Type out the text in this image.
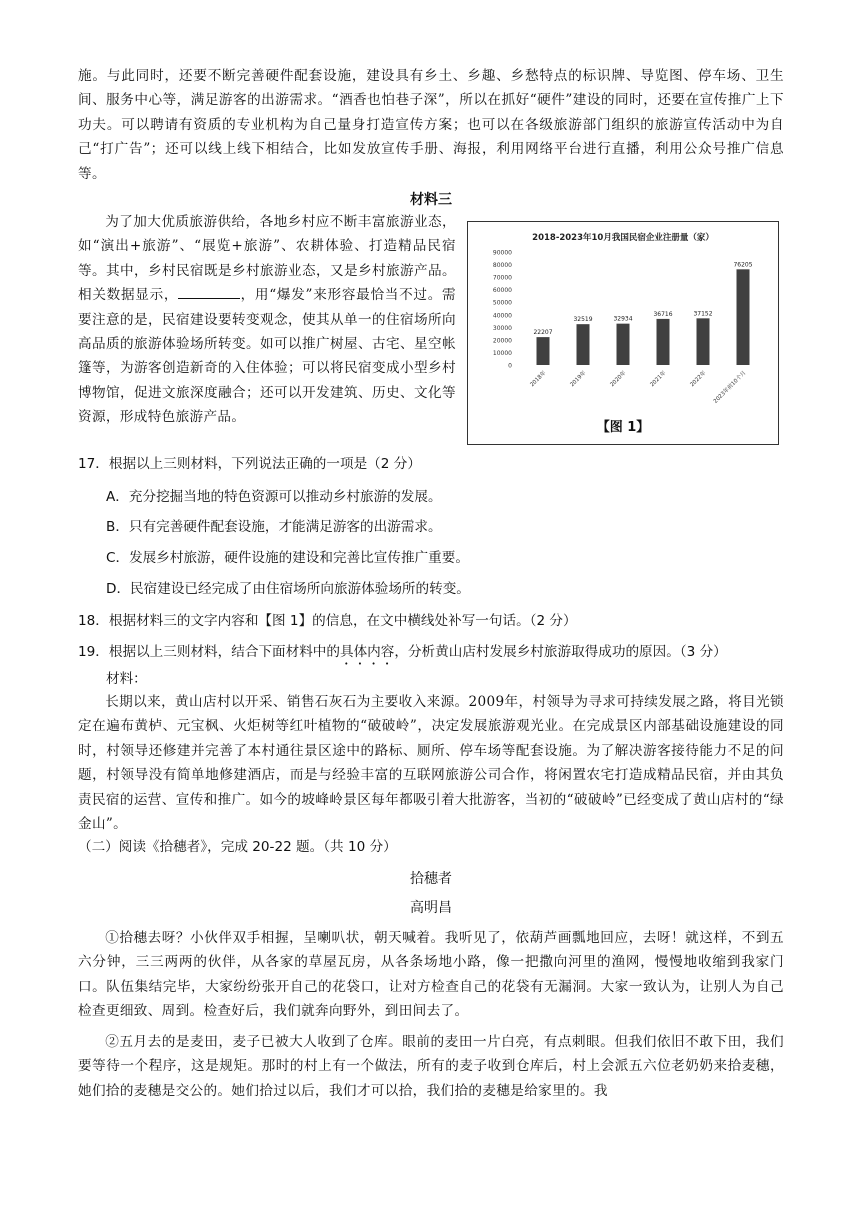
施。与此同时，还要不断完善硬件配套设施，建设具有乡土、乡趣、乡愁特点的标识牌、导览图、停车场、卫生间、服务中心等，满足游客的出游需求。“酒香也怕巷子深”，所以在抓好“硬件”建设的同时，还要在宣传推广上下功夫。可以聘请有资质的专业机构为自己量身打造宣传方案；也可以在各级旅游部门组织的旅游宣传活动中为自己“打广告”；还可以线上线下相结合，比如发放宣传手册、海报，利用网络平台进行直播，利用公众号推广信息等。

材料三

为了加大优质旅游供给，各地乡村应不断丰富旅游业态，如“演出+旅游”、“展览+旅游”、农耕体验、打造精品民宿等。其中，乡村民宿既是乡村旅游业态，又是乡村旅游产品。相关数据显示，	，用“爆发”来形容最恰当不过。需要注意的是，民宿建设要转变观念，使其从单一的住宿场所向高品质的旅游体验场所转变。如可以推广树屋、古宅、星空帐篷等，为游客创造新奇的入住体验；可以将民宿变成小型乡村博物馆，促进文旅深度融合；还可以开发建筑、历史、文化等资源，形成特色旅游产品。

2018-2023年10月我国民宿企业注册量（家）
90000
80000
70000
60000
50000
40000
30000
20000
10000
0
22207
32519	32934
36716	37152
76205
2018年	2019年	2020年	2021年	2022年 2023年前10个月
【图 1】

17．根据以上三则材料，下列说法正确的一项是（2 分）

A．充分挖掘当地的特色资源可以推动乡村旅游的发展。

B．只有完善硬件配套设施，才能满足游客的出游需求。

C．发展乡村旅游，硬件设施的建设和完善比宣传推广重要。

D．民宿建设已经完成了由住宿场所向旅游体验场所的转变。

18．根据材料三的文字内容和【图 1】的信息，在文中横线处补写一句话。（2 分）

19．根据以上三则材料，结合下面材料中的具体内容，分析黄山店村发展乡村旅游取得成功的原因。（3 分）

材料：

长期以来，黄山店村以开采、销售石灰石为主要收入来源。2009年，村领导为寻求可持续发展之路，将目光锁定在遍布黄栌、元宝枫、火炬树等红叶植物的“破破岭”，决定发展旅游观光业。在完成景区内部基础设施建设的同时，村领导还修建并完善了本村通往景区途中的路标、厕所、停车场等配套设施。为了解决游客接待能力不足的问题，村领导没有简单地修建酒店，而是与经验丰富的互联网旅游公司合作，将闲置农宅打造成精品民宿，并由其负责民宿的运营、宣传和推广。如今的坡峰岭景区每年都吸引着大批游客，当初的“破破岭”已经变成了黄山店村的“绿金山”。

（二）阅读《拾穗者》，完成 20-22 题。（共 10 分）

拾穗者

高明昌

①拾穗去呀？小伙伴双手相握，呈喇叭状，朝天喊着。我听见了，依葫芦画瓢地回应，去呀！就这样，不到五六分钟，三三两两的伙伴，从各家的草屋瓦房，从各条场地小路，像一把撒向河里的渔网，慢慢地收缩到我家门口。队伍集结完毕，大家纷纷张开自己的花袋口，让对方检查自己的花袋有无漏洞。大家一致认为，让别人为自己检查更细致、周到。检查好后，我们就奔向野外，到田间去了。

②五月去的是麦田，麦子已被大人收到了仓库。眼前的麦田一片白亮，有点刺眼。但我们依旧不敢下田，我们要等待一个程序，这是规矩。那时的村上有一个做法，所有的麦子收到仓库后，村上会派五六位老奶奶来拾麦穗，她们拾的麦穗是交公的。她们拾过以后，我们才可以拾，我们拾的麦穗是给家里的。我
